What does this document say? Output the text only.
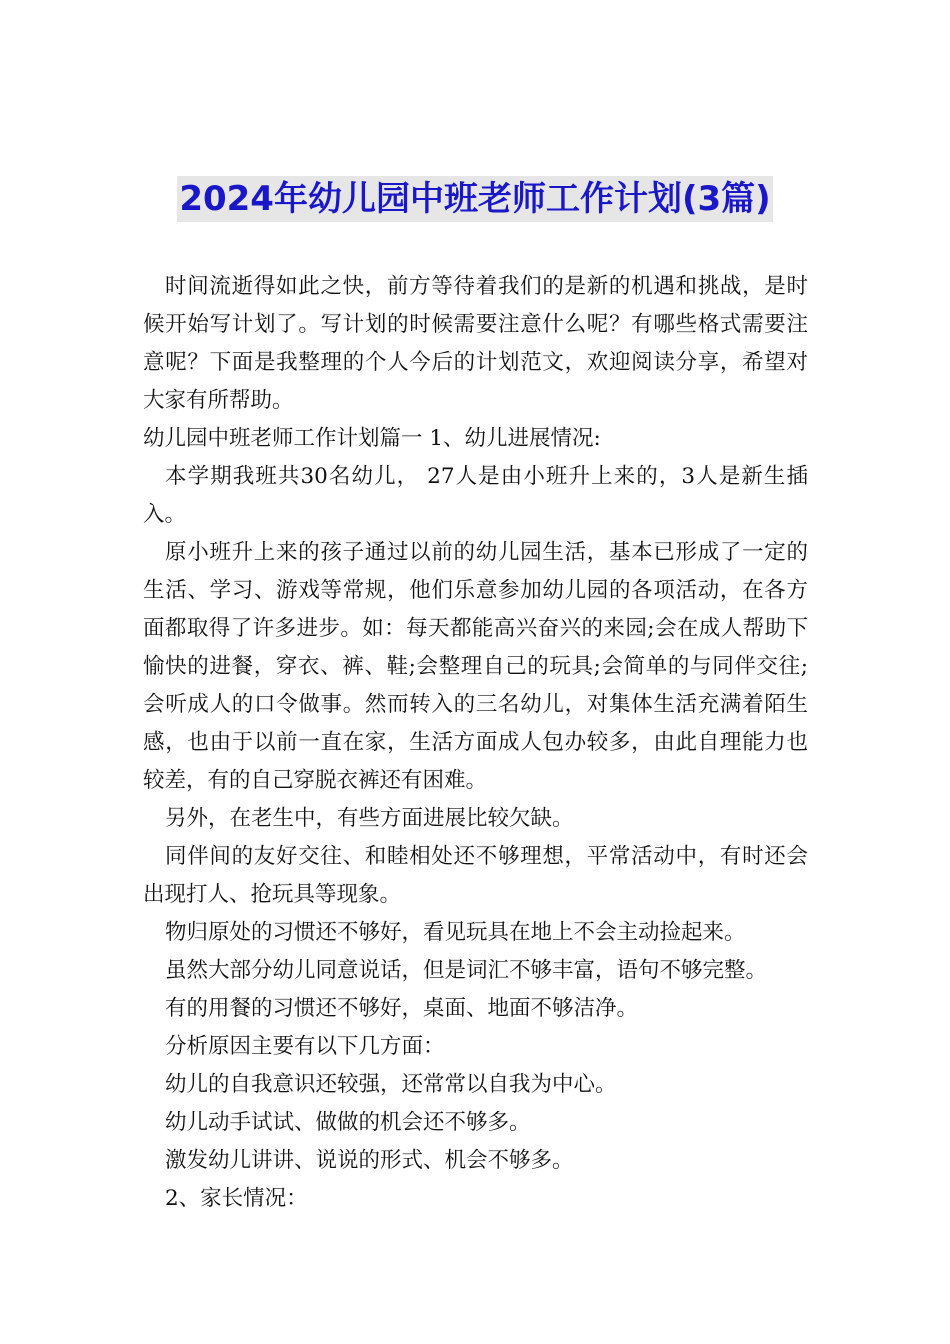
2024年幼儿园中班老师工作计划(3篇)

时间流逝得如此之快，前方等待着我们的是新的机遇和挑战，是时候开始写计划了。写计划的时候需要注意什么呢？有哪些格式需要注意呢？下面是我整理的个人今后的计划范文，欢迎阅读分享，希望对大家有所帮助。

幼儿园中班老师工作计划篇一 1、幼儿进展情况:

本学期我班共30名幼儿， 27人是由小班升上来的，3人是新生插入。

原小班升上来的孩子通过以前的幼儿园生活，基本已形成了一定的生活、学习、游戏等常规，他们乐意参加幼儿园的各项活动，在各方面都取得了许多进步。如：每天都能高兴奋兴的来园;会在成人帮助下愉快的进餐，穿衣、裤、鞋;会整理自己的玩具;会简单的与同伴交往;会听成人的口令做事。然而转入的三名幼儿，对集体生活充满着陌生感，也由于以前一直在家，生活方面成人包办较多，由此自理能力也较差，有的自己穿脱衣裤还有困难。

另外，在老生中，有些方面进展比较欠缺。

同伴间的友好交往、和睦相处还不够理想，平常活动中，有时还会出现打人、抢玩具等现象。

物归原处的习惯还不够好，看见玩具在地上不会主动捡起来。

虽然大部分幼儿同意说话，但是词汇不够丰富，语句不够完整。

有的用餐的习惯还不够好，桌面、地面不够洁净。

分析原因主要有以下几方面：

幼儿的自我意识还较强，还常常以自我为中心。

幼儿动手试试、做做的机会还不够多。

激发幼儿讲讲、说说的形式、机会不够多。

2、家长情况：
